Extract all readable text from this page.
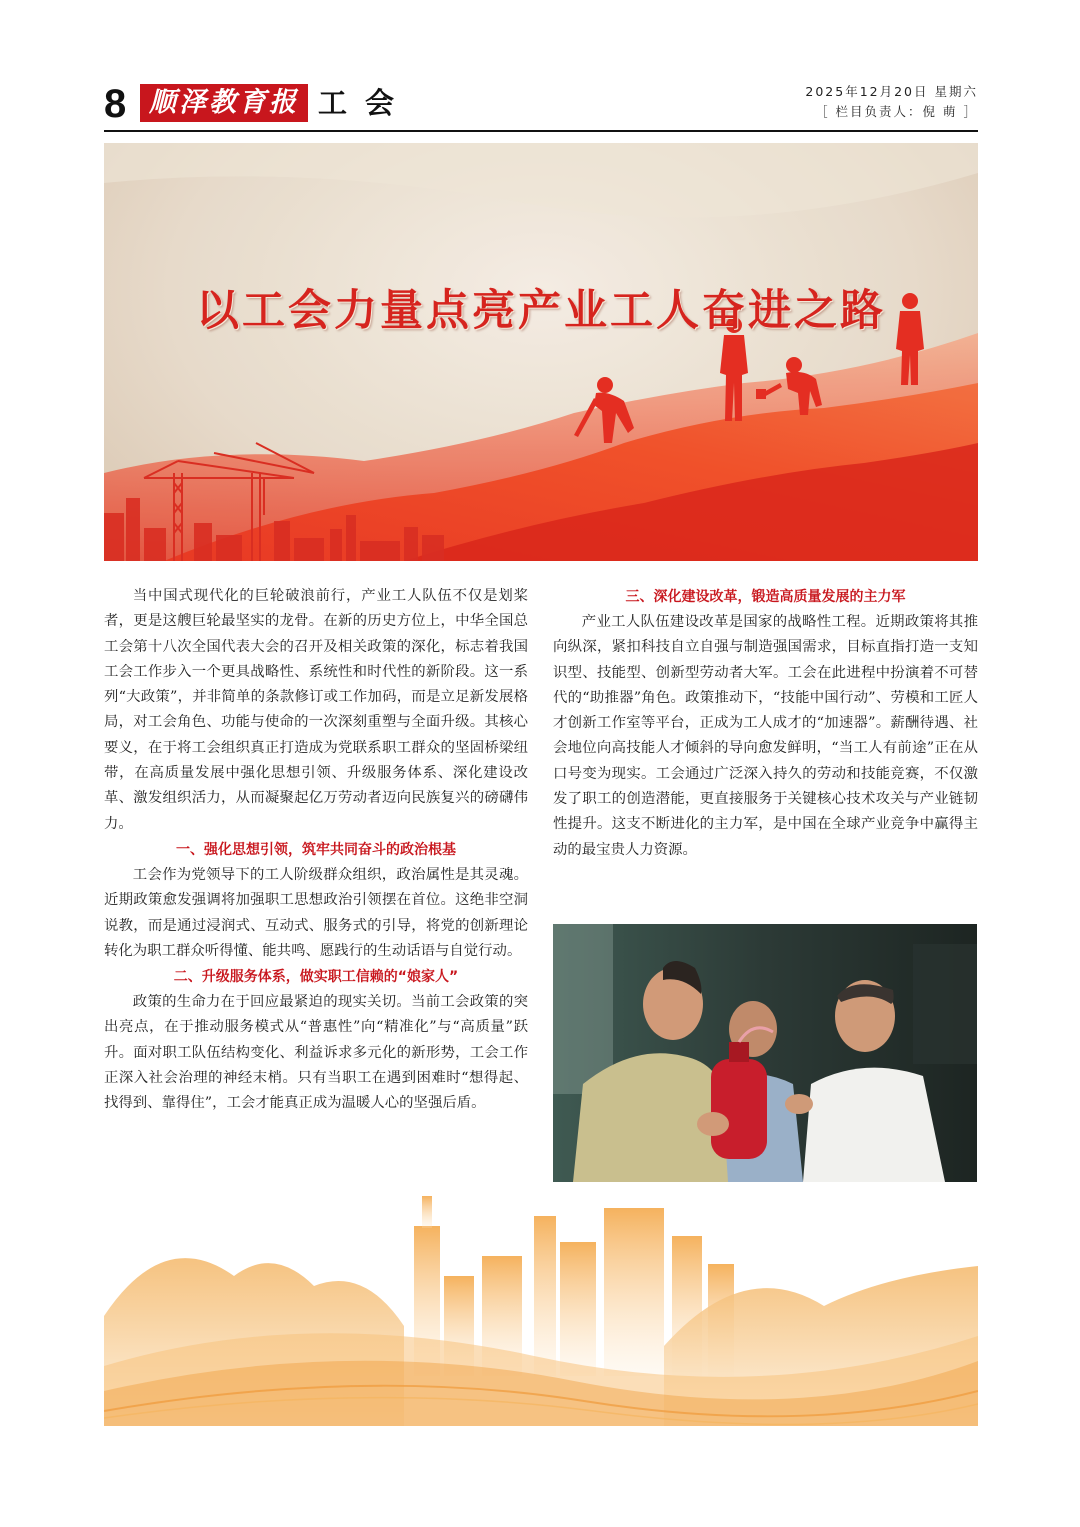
8 顺泽教育报 工会	2025年12月20日 星期六
［ 栏目负责人：倪 萌 ］
以工会力量点亮产业工人奋进之路

当中国式现代化的巨轮破浪前行，产业工人队伍不仅是划桨者，更是这艘巨轮最坚实的龙骨。在新的历史方位上，中华全国总工会第十八次全国代表大会的召开及相关政策的深化，标志着我国工会工作步入一个更具战略性、系统性和时代性的新阶段。这一系列“大政策”，并非简单的条款修订或工作加码，而是立足新发展格局，对工会角色、功能与使命的一次深刻重塑与全面升级。其核心要义，在于将工会组织真正打造成为党联系职工群众的坚固桥梁纽带，在高质量发展中强化思想引领、升级服务体系、深化建设改革、激发组织活力，从而凝聚起亿万劳动者迈向民族复兴的磅礴伟力。

一、强化思想引领，筑牢共同奋斗的政治根基

工会作为党领导下的工人阶级群众组织，政治属性是其灵魂。近期政策愈发强调将加强职工思想政治引领摆在首位。这绝非空洞说教，而是通过浸润式、互动式、服务式的引导，将党的创新理论转化为职工群众听得懂、能共鸣、愿践行的生动话语与自觉行动。

二、升级服务体系，做实职工信赖的“娘家人”

政策的生命力在于回应最紧迫的现实关切。当前工会政策的突出亮点，在于推动服务模式从“普惠性”向“精准化”与“高质量”跃升。面对职工队伍结构变化、利益诉求多元化的新形势，工会工作正深入社会治理的神经末梢。只有当职工在遇到困难时“想得起、找得到、靠得住”，工会才能真正成为温暖人心的坚强后盾。

三、深化建设改革，锻造高质量发展的主力军

产业工人队伍建设改革是国家的战略性工程。近期政策将其推向纵深，紧扣科技自立自强与制造强国需求，目标直指打造一支知识型、技能型、创新型劳动者大军。工会在此进程中扮演着不可替代的“助推器”角色。政策推动下，“技能中国行动”、劳模和工匠人才创新工作室等平台，正成为工人成才的“加速器”。薪酬待遇、社会地位向高技能人才倾斜的导向愈发鲜明，“当工人有前途”正在从口号变为现实。工会通过广泛深入持久的劳动和技能竞赛，不仅激发了职工的创造潜能，更直接服务于关键核心技术攻关与产业链韧性提升。这支不断进化的主力军，是中国在全球产业竞争中赢得主动的最宝贵人力资源。
